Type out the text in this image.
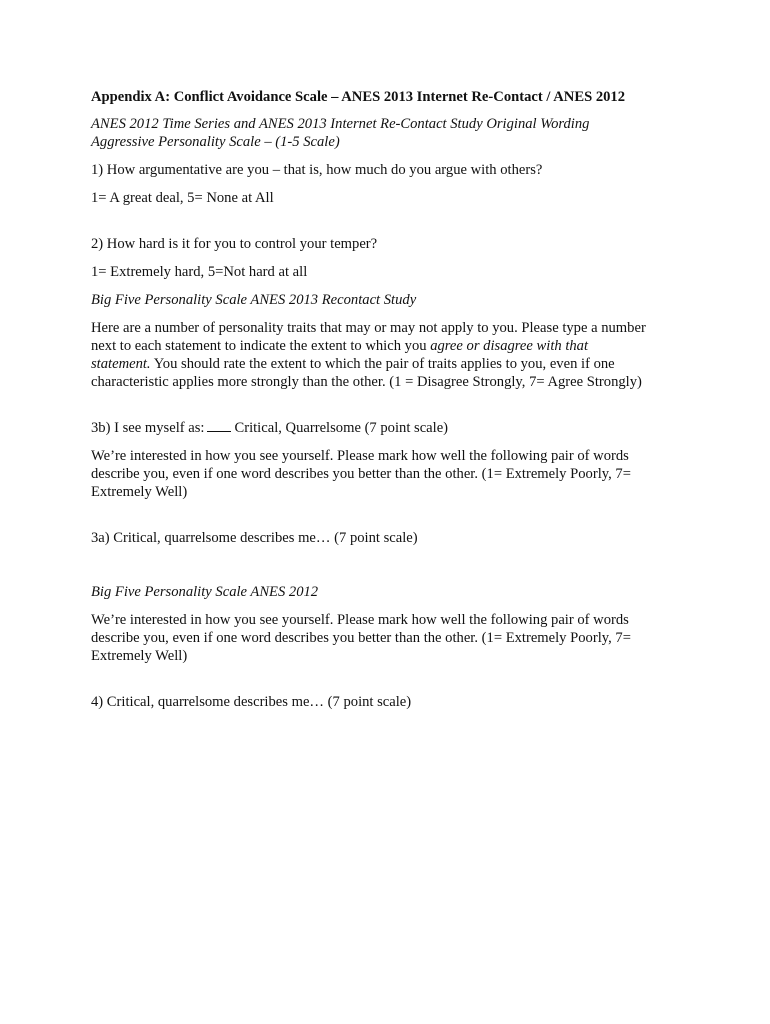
Appendix A: Conflict Avoidance Scale – ANES 2013 Internet Re-Contact / ANES 2012
ANES 2012 Time Series and ANES 2013 Internet Re-Contact Study Original Wording
Aggressive Personality Scale – (1-5 Scale)
1) How argumentative are you – that is, how much do you argue with others?
1= A great deal, 5= None at All
2) How hard is it for you to control your temper?
1= Extremely hard, 5=Not hard at all
Big Five Personality Scale ANES 2013 Recontact Study
Here are a number of personality traits that may or may not apply to you. Please type a number next to each statement to indicate the extent to which you agree or disagree with that statement. You should rate the extent to which the pair of traits applies to you, even if one characteristic applies more strongly than the other. (1 = Disagree Strongly, 7= Agree Strongly)
3b) I see myself as: Critical, Quarrelsome (7 point scale)
We’re interested in how you see yourself. Please mark how well the following pair of words describe you, even if one word describes you better than the other. (1= Extremely Poorly, 7= Extremely Well)
3a) Critical, quarrelsome describes me… (7 point scale)
Big Five Personality Scale ANES 2012
We’re interested in how you see yourself. Please mark how well the following pair of words describe you, even if one word describes you better than the other. (1= Extremely Poorly, 7= Extremely Well)
4) Critical, quarrelsome describes me… (7 point scale)
